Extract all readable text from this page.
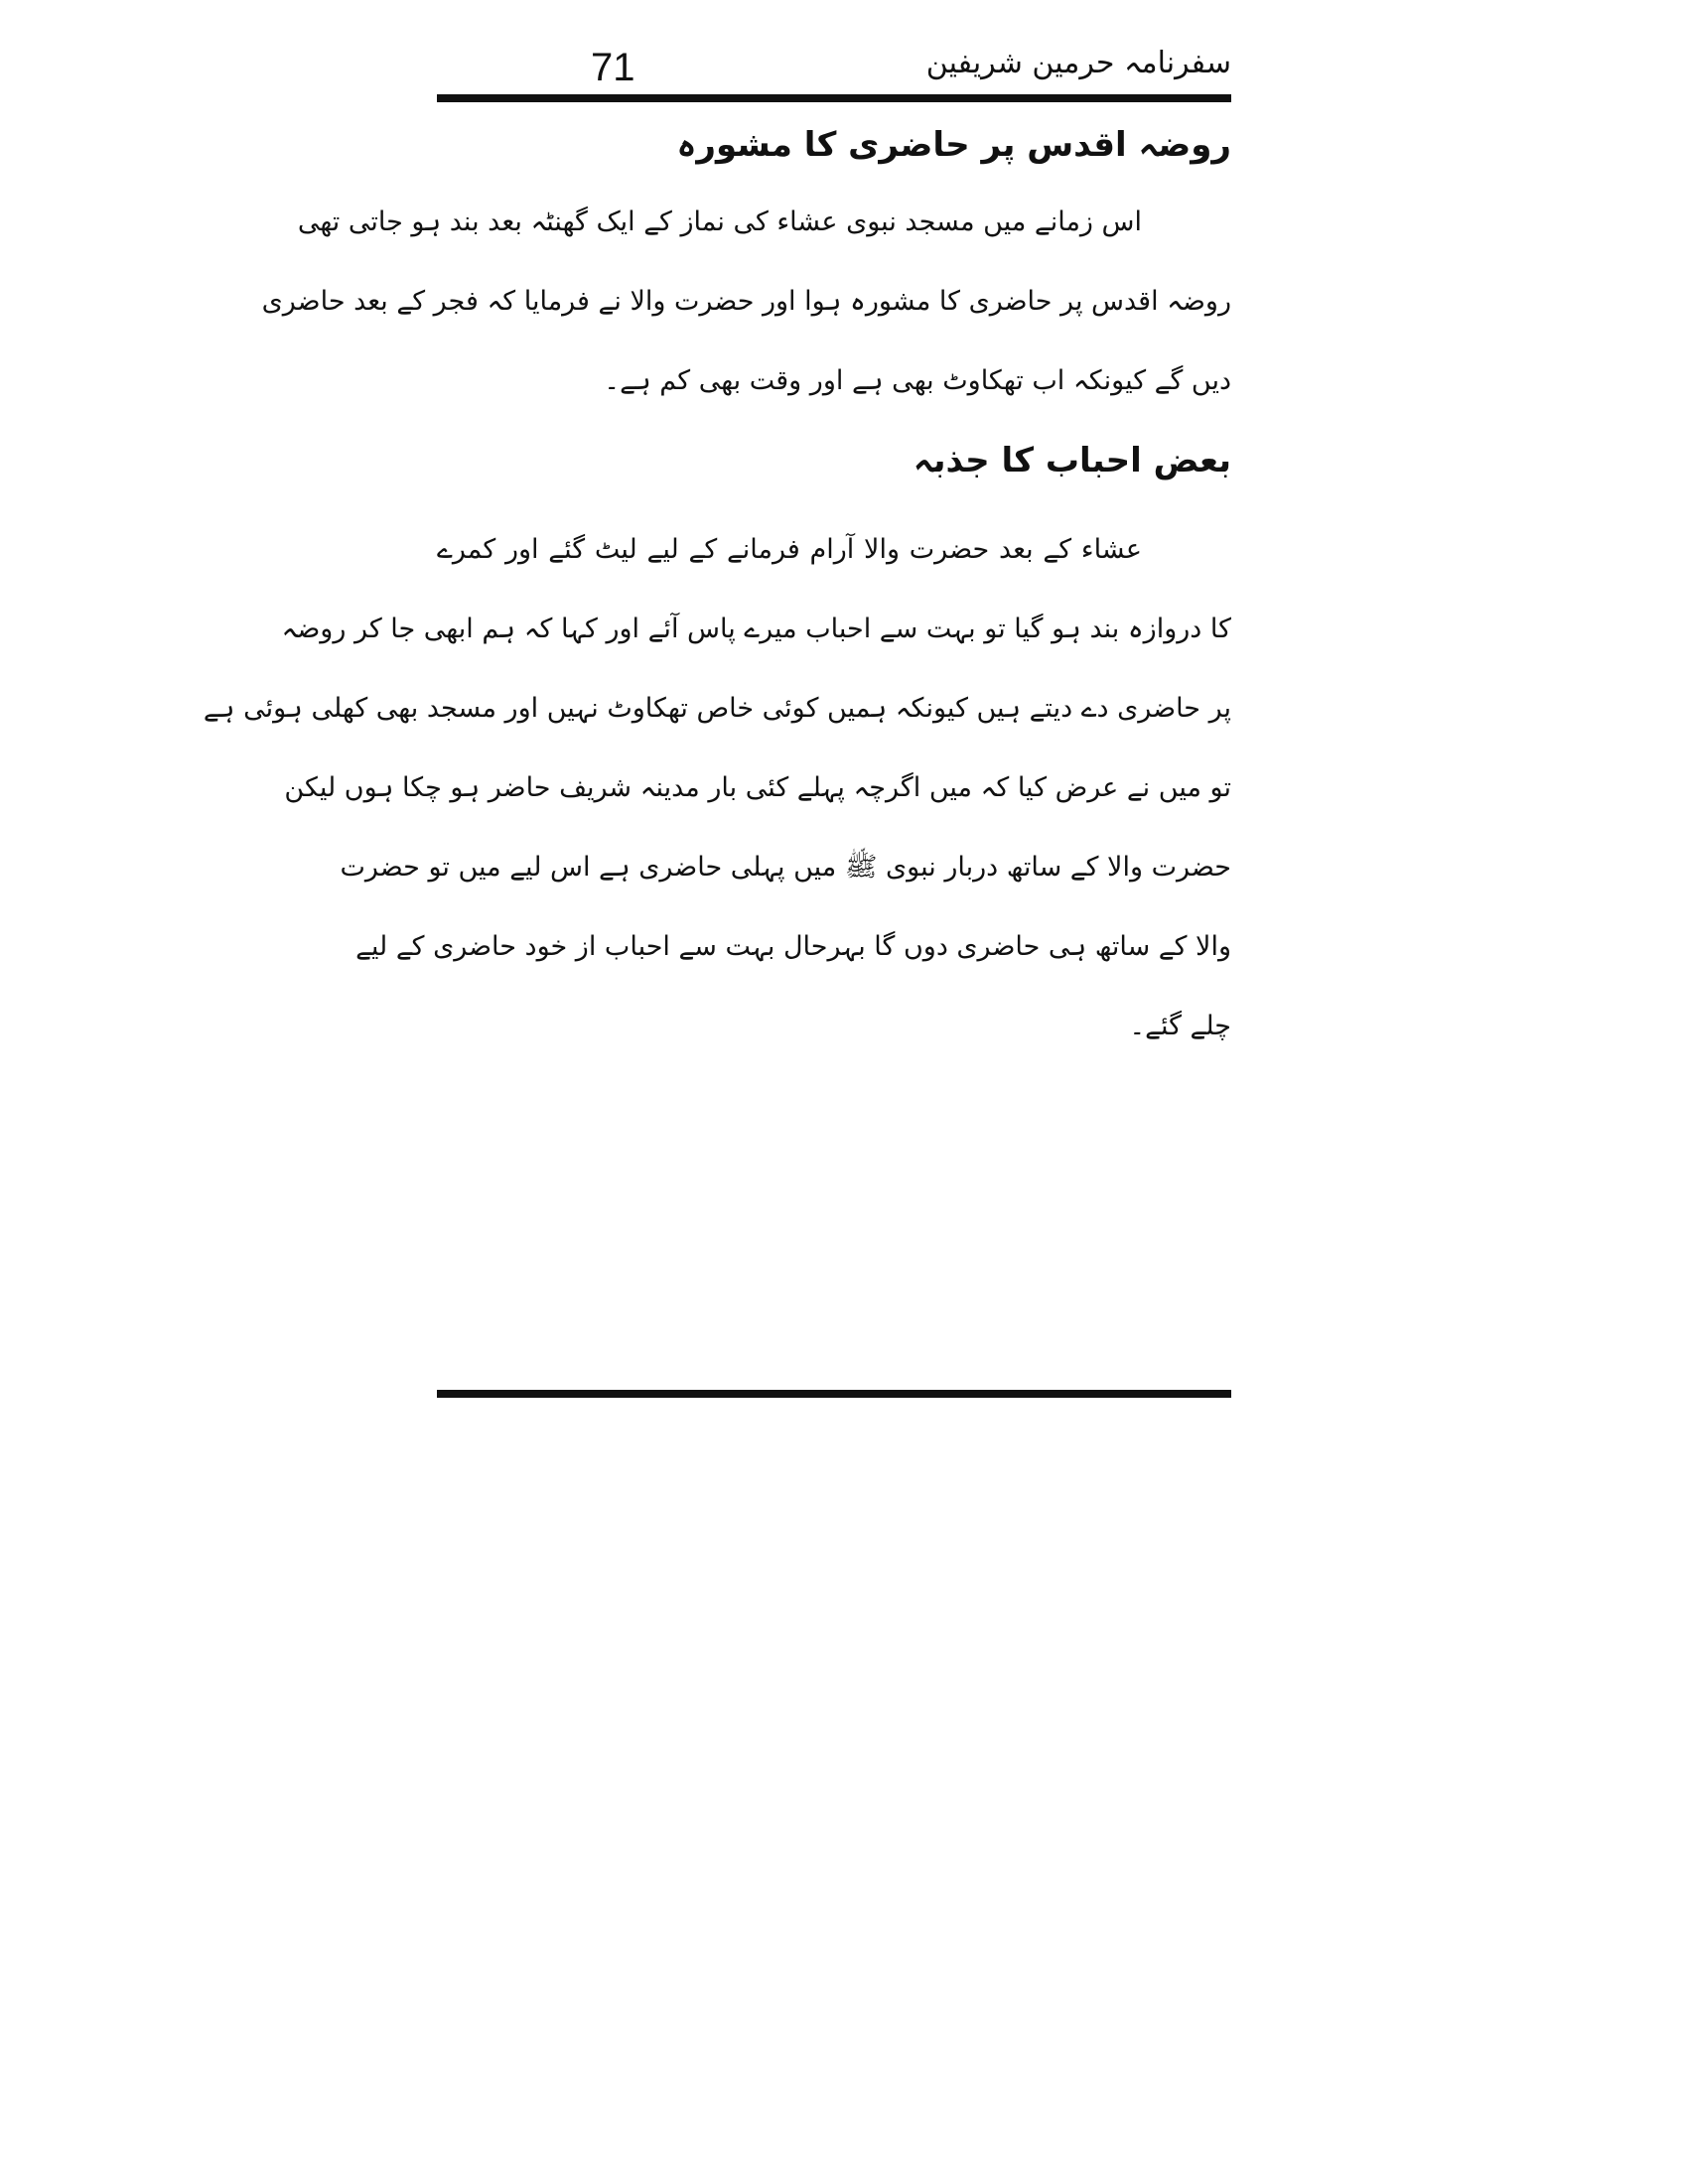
71	سفرنامہ حرمین شریفین
روضہ اقدس پر حاضری کا مشورہ
اس زمانے میں مسجد نبوی عشاء کی نماز کے ایک گھنٹہ بعد بند ہو جاتی تھی
روضہ اقدس پر حاضری کا مشورہ ہوا اور حضرت والا نے فرمایا کہ فجر کے بعد حاضری
دیں گے کیونکہ اب تھکاوٹ بھی ہے اور وقت بھی کم ہے۔
بعض احباب کا جذبہ
عشاء کے بعد حضرت والا آرام فرمانے کے لیے لیٹ گئے اور کمرے
کا دروازہ بند ہو گیا تو بہت سے احباب میرے پاس آئے اور کہا کہ ہم ابھی جا کر روضہ
پر حاضری دے دیتے ہیں کیونکہ ہمیں کوئی خاص تھکاوٹ نہیں اور مسجد بھی کھلی ہوئی ہے
تو میں نے عرض کیا کہ میں اگرچہ پہلے کئی بار مدینہ شریف حاضر ہو چکا ہوں لیکن
حضرت والا کے ساتھ دربار نبوی ﷺ میں پہلی حاضری ہے اس لیے میں تو حضرت
والا کے ساتھ ہی حاضری دوں گا بہرحال بہت سے احباب از خود حاضری کے لیے
چلے گئے۔
